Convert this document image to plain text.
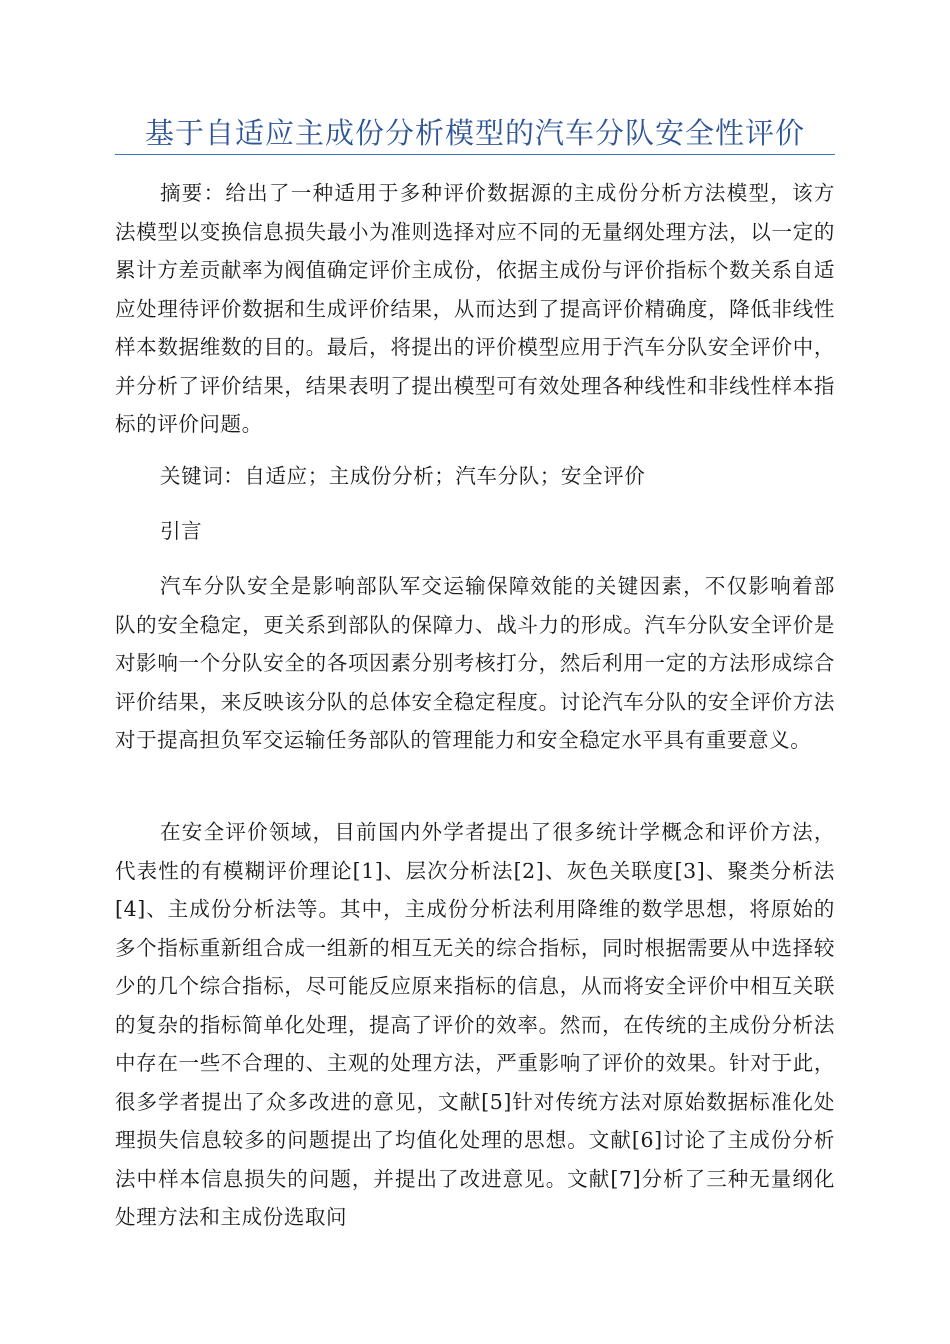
基于自适应主成份分析模型的汽车分队安全性评价

摘要：给出了一种适用于多种评价数据源的主成份分析方法模型，该方法模型以变换信息损失最小为准则选择对应不同的无量纲处理方法，以一定的累计方差贡献率为阀值确定评价主成份，依据主成份与评价指标个数关系自适应处理待评价数据和生成评价结果，从而达到了提高评价精确度，降低非线性样本数据维数的目的。最后，将提出的评价模型应用于汽车分队安全评价中，并分析了评价结果，结果表明了提出模型可有效处理各种线性和非线性样本指标的评价问题。

关键词：自适应；主成份分析；汽车分队；安全评价

引言

汽车分队安全是影响部队军交运输保障效能的关键因素，不仅影响着部队的安全稳定，更关系到部队的保障力、战斗力的形成。汽车分队安全评价是对影响一个分队安全的各项因素分别考核打分，然后利用一定的方法形成综合评价结果，来反映该分队的总体安全稳定程度。讨论汽车分队的安全评价方法对于提高担负军交运输任务部队的管理能力和安全稳定水平具有重要意义。

在安全评价领域，目前国内外学者提出了很多统计学概念和评价方法，代表性的有模糊评价理论[1]、层次分析法[2]、灰色关联度[3]、聚类分析法[4]、主成份分析法等。其中，主成份分析法利用降维的数学思想，将原始的多个指标重新组合成一组新的相互无关的综合指标，同时根据需要从中选择较少的几个综合指标，尽可能反应原来指标的信息，从而将安全评价中相互关联的复杂的指标简单化处理，提高了评价的效率。然而，在传统的主成份分析法中存在一些不合理的、主观的处理方法，严重影响了评价的效果。针对于此，很多学者提出了众多改进的意见，文献[5]针对传统方法对原始数据标准化处理损失信息较多的问题提出了均值化处理的思想。文献[6]讨论了主成份分析法中样本信息损失的问题，并提出了改进意见。文献[7]分析了三种无量纲化处理方法和主成份选取问
